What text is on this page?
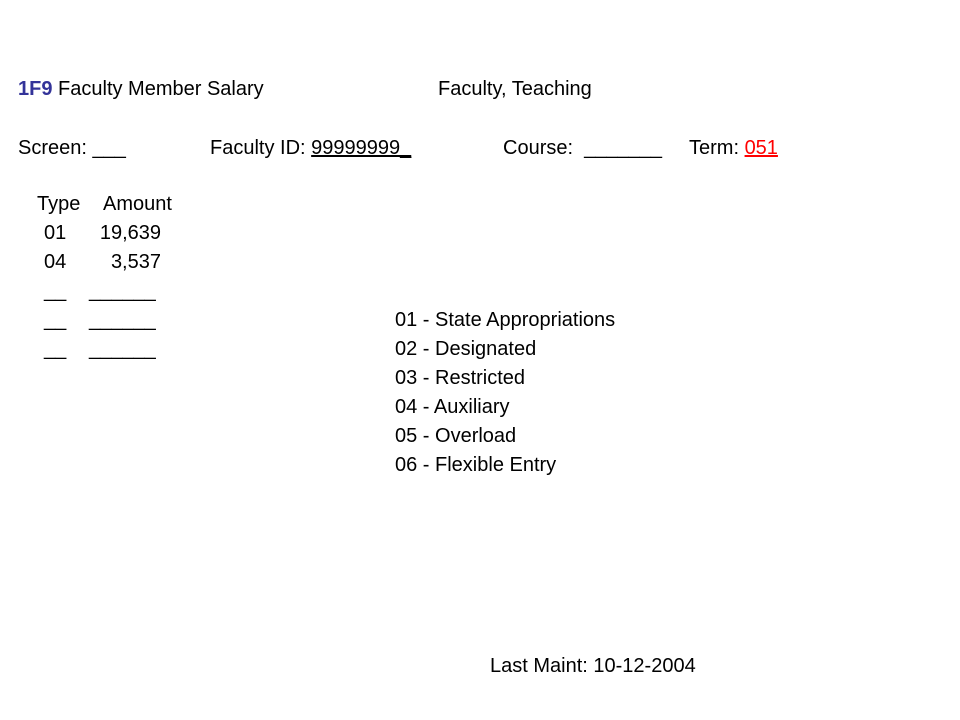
1F9 Faculty Member Salary	Faculty, Teaching
Screen: ___	Faculty ID: 99999999_	Course: _______ Term: 051
Type Amount
01	19,639
04	3,537
__ ______
__ ______
__ ______
01 - State Appropriations
02 - Designated
03 - Restricted
04 - Auxiliary
05 - Overload
06 - Flexible Entry
Last Maint: 10-12-2004
